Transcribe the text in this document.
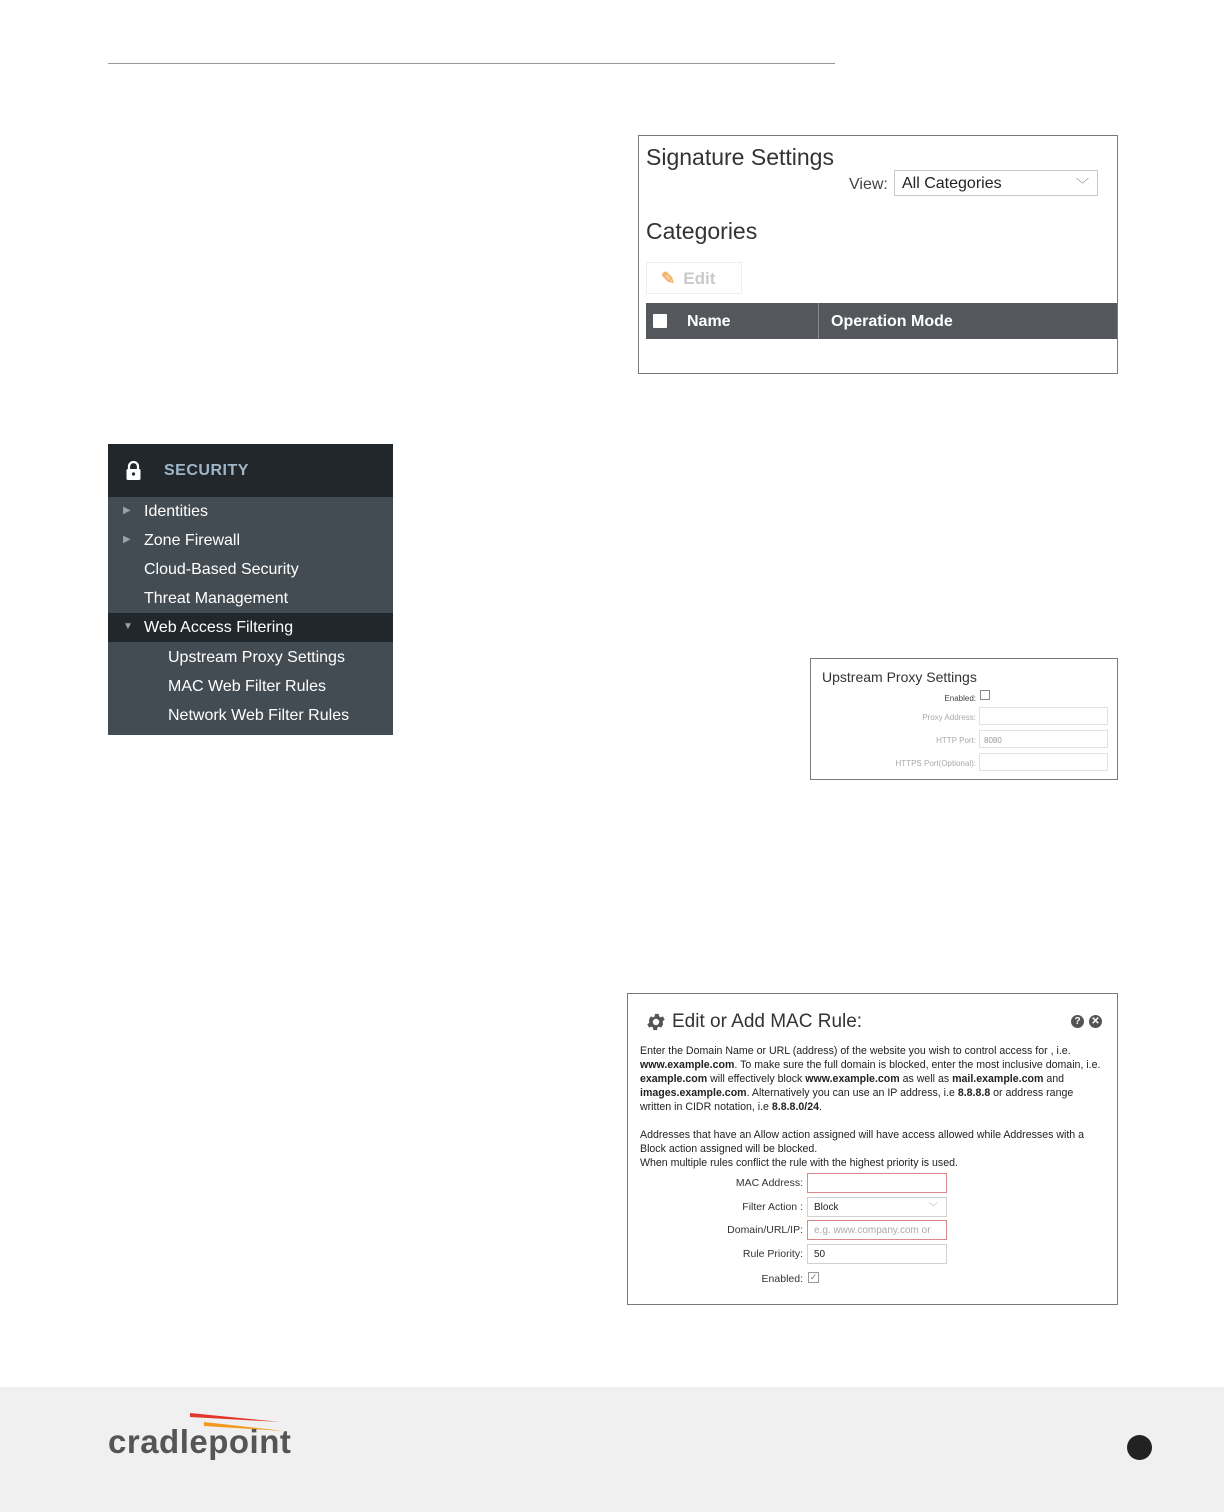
Signature Settings
View: All Categories	﹀
Categories
✎ Edit
Name	Operation Mode
SECURITY
▶ Identities
▶ Zone Firewall
Cloud-Based Security
Threat Management
▼ Web Access Filtering
Upstream Proxy Settings
MAC Web Filter Rules
Network Web Filter Rules
Upstream Proxy Settings
Enabled:
Proxy Address:
HTTP Port:	8080
HTTPS Port(Optional):
Edit or Add MAC Rule:	?	✕

Enter the Domain Name or URL (address) of the website you wish to control access for , i.e. www.example.com. To make sure the full domain is blocked, enter the most inclusive domain, i.e. example.com will effectively block www.example.com as well as mail.example.com and images.example.com. Alternatively you can use an IP address, i.e 8.8.8.8 or address range written in CIDR notation, i.e 8.8.8.0/24.

Addresses that have an Allow action assigned will have access allowed while Addresses with a Block action assigned will be blocked.

When multiple rules conflict the rule with the highest priority is used.

MAC Address:
Filter Action :	Block	﹀
Domain/URL/IP:	e.g. www.company.com or
Rule Priority:	50
Enabled: ✓
cradlepoint
